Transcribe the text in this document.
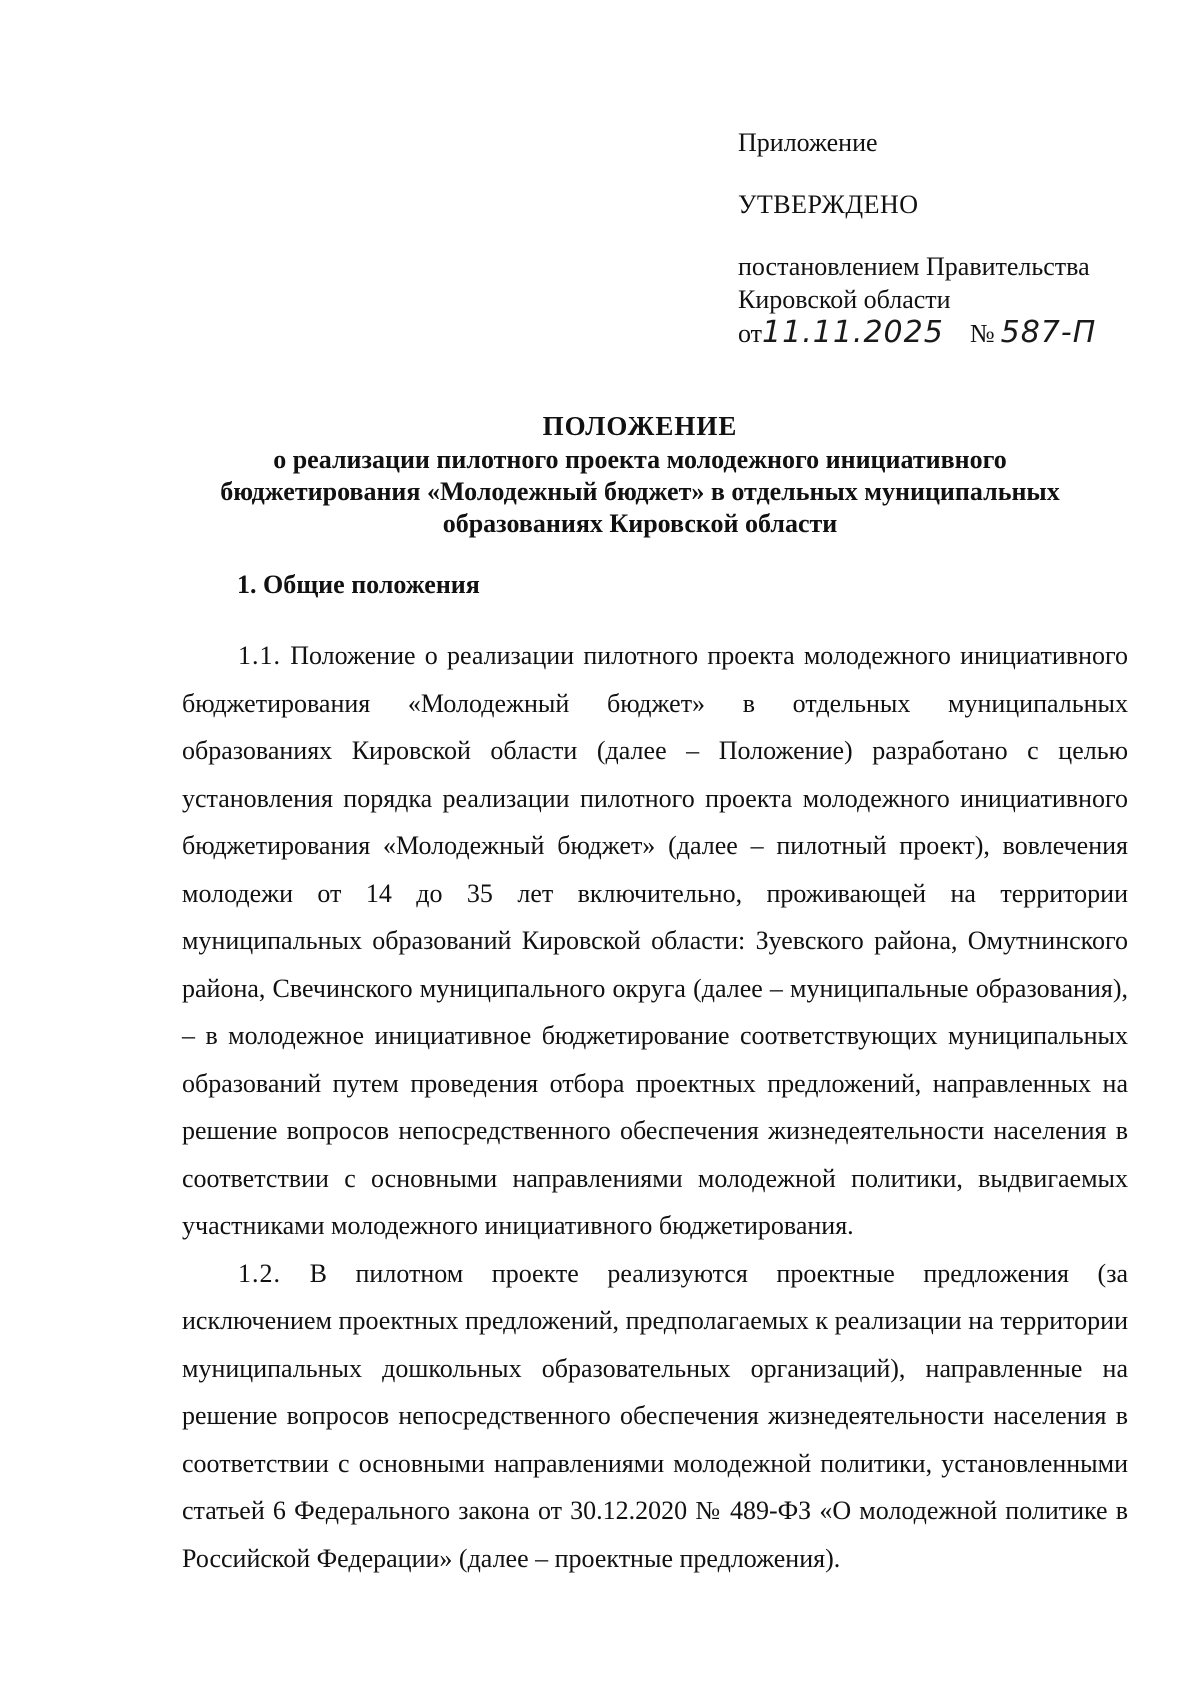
Приложение
УТВЕРЖДЕНО
постановлением Правительства
Кировской области
от11.11.2025 № 587-П
ПОЛОЖЕНИЕ
о реализации пилотного проекта молодежного инициативного
бюджетирования «Молодежный бюджет» в отдельных муниципальных
образованиях Кировской области
1. Общие положения

1.1. Положение о реализации пилотного проекта молодежного инициативного бюджетирования «Молодежный бюджет» в отдельных муниципальных образованиях Кировской области (далее – Положение) разработано с целью установления порядка реализации пилотного проекта молодежного инициативного бюджетирования «Молодежный бюджет» (далее – пилотный проект), вовлечения молодежи от 14 до 35 лет включительно, проживающей на территории муниципальных образований Кировской области: Зуевского района, Омутнинского района, Свечинского муниципального округа (далее – муниципальные образования), – в молодежное инициативное бюджетирование соответствующих муниципальных образований путем проведения отбора проектных предложений, направленных на решение вопросов непосредственного обеспечения жизнедеятельности населения в соответствии с основными направлениями молодежной политики, выдвигаемых участниками молодежного инициативного бюджетирования.

1.2. В пилотном проекте реализуются проектные предложения (за исключением проектных предложений, предполагаемых к реализации на территории муниципальных дошкольных образовательных организаций), направленные на решение вопросов непосредственного обеспечения жизнедеятельности населения в соответствии с основными направлениями молодежной политики, установленными статьей 6 Федерального закона от 30.12.2020 № 489-ФЗ «О молодежной политике в Российской Федерации» (далее – проектные предложения).
